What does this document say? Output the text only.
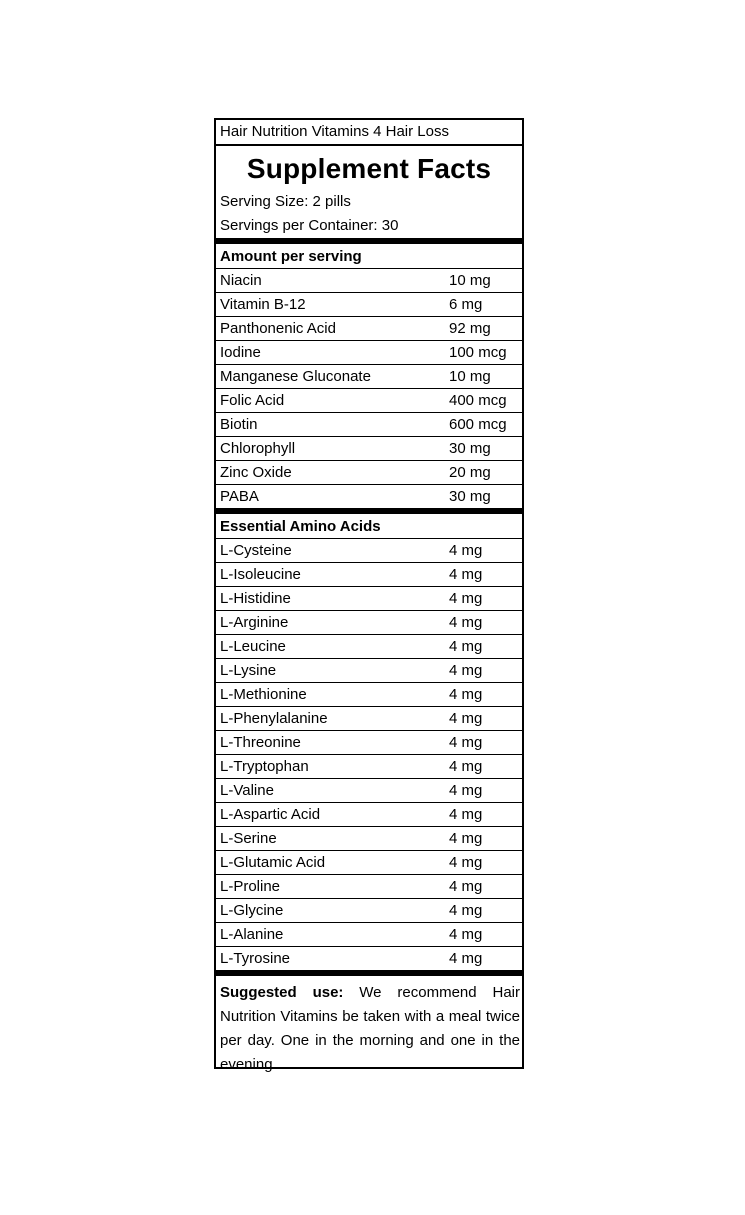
Hair Nutrition Vitamins 4 Hair Loss
Supplement Facts
Serving Size: 2 pills
Servings per Container: 30
Amount per serving
Niacin	10 mg
Vitamin B-12	6 mg
Panthonenic Acid	92 mg
Iodine	100 mcg
Manganese Gluconate	10 mg
Folic Acid	400 mcg
Biotin	600 mcg
Chlorophyll	30 mg
Zinc Oxide	20 mg
PABA	30 mg
Essential Amino Acids
L-Cysteine	4 mg
L-Isoleucine	4 mg
L-Histidine	4 mg
L-Arginine	4 mg
L-Leucine	4 mg
L-Lysine	4 mg
L-Methionine	4 mg
L-Phenylalanine	4 mg
L-Threonine	4 mg
L-Tryptophan	4 mg
L-Valine	4 mg
L-Aspartic Acid	4 mg
L-Serine	4 mg
L-Glutamic Acid	4 mg
L-Proline	4 mg
L-Glycine	4 mg
L-Alanine	4 mg
L-Tyrosine	4 mg
Suggested use: We recommend Hair Nutrition Vitamins be taken with a meal twice per day. One in the morning and one in the evening.
